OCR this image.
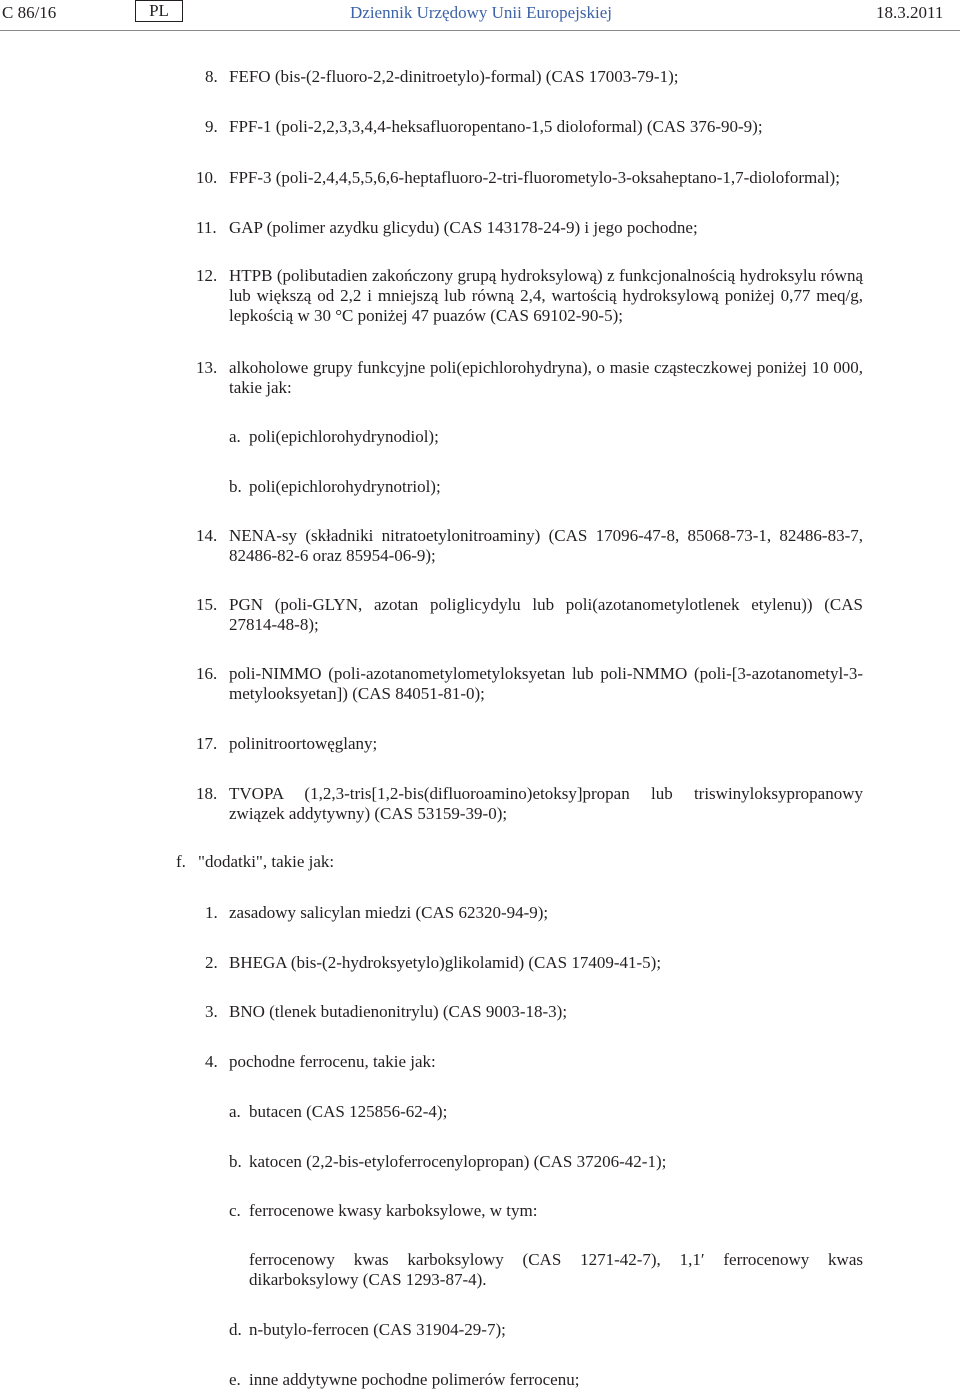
C 86/16	PL	Dziennik Urzędowy Unii Europejskiej	18.3.2011
8. FEFO (bis-(2-fluoro-2,2-dinitroetylo)-formal) (CAS 17003-79-1);
9. FPF-1 (poli-2,2,3,3,4,4-heksafluoropentano-1,5 dioloformal) (CAS 376-90-9);
10. FPF-3 (poli-2,4,4,5,5,6,6-heptafluoro-2-tri-fluorometylo-3-oksaheptano-1,7-dioloformal);
11. GAP (polimer azydku glicydu) (CAS 143178-24-9) i jego pochodne;
12. HTPB (polibutadien zakończony grupą hydroksylową) z funkcjonalnością hydroksylu równą lub większą od 2,2 i mniejszą lub równą 2,4, wartością hydroksylową poniżej 0,77 meq/g, lepkością w 30 °C poniżej 47 puazów (CAS 69102-90-5);
13. alkoholowe grupy funkcyjne poli(epichlorohydryna), o masie cząsteczkowej poniżej 10 000, takie jak:
a. poli(epichlorohydrynodiol);
b. poli(epichlorohydrynotriol);
14. NENA-sy (składniki nitratoetylonitroaminy) (CAS 17096-47-8, 85068-73-1, 82486-83-7, 82486-82-6 oraz 85954-06-9);
15. PGN (poli-GLYN, azotan poliglicydylu lub poli(azotanometylotlenek etylenu)) (CAS 27814-48-8);
16. poli-NIMMO (poli-azotanometylometyloksyetan lub poli-NMMO (poli-[3-azotanometyl-3-metylooksyetan]) (CAS 84051-81-0);
17. polinitroortowęglany;
18. TVOPA (1,2,3-tris[1,2-bis(difluoroamino)etoksy]propan lub triswinyloksypropanowy związek addytywny) (CAS 53159-39-0);
f. "dodatki", takie jak:
1. zasadowy salicylan miedzi (CAS 62320-94-9);
2. BHEGA (bis-(2-hydroksyetylo)glikolamid) (CAS 17409-41-5);
3. BNO (tlenek butadienonitrylu) (CAS 9003-18-3);
4. pochodne ferrocenu, takie jak:
a. butacen (CAS 125856-62-4);
b. katocen (2,2-bis-etyloferrocenylopropan) (CAS 37206-42-1);
c. ferrocenowe kwasy karboksylowe, w tym:
ferrocenowy kwas karboksylowy (CAS 1271-42-7), 1,1′ ferrocenowy kwas dikarboksylowy (CAS 1293-87-4).
d. n-butylo-ferrocen (CAS 31904-29-7);
e. inne addytywne pochodne polimerów ferrocenu;
